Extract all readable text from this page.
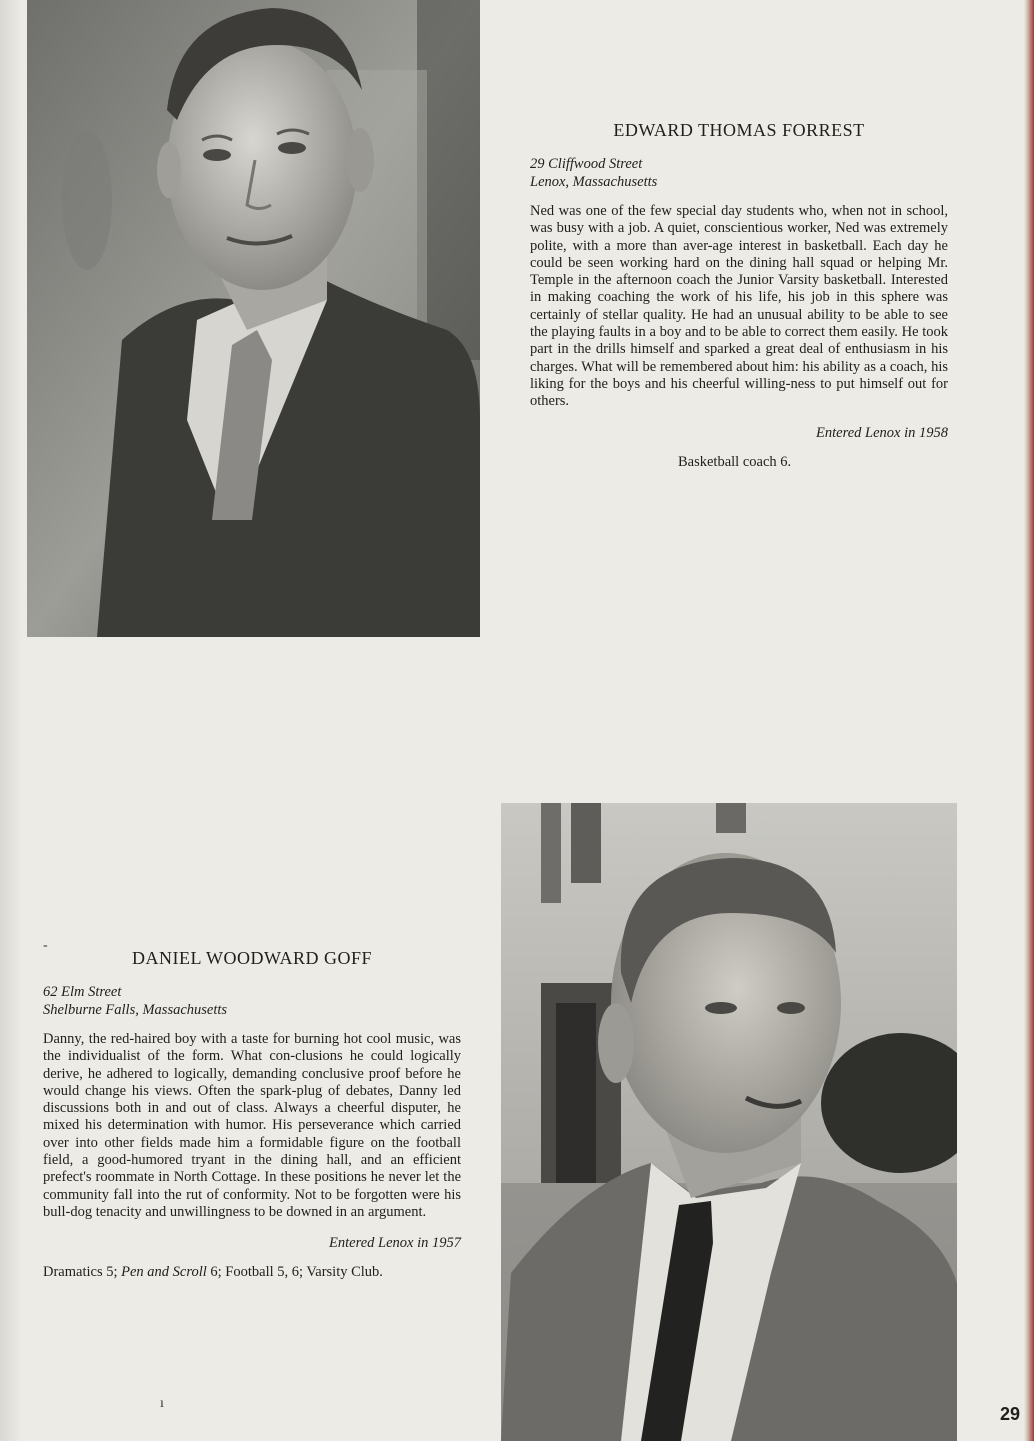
EDWARD THOMAS FORREST

29 Cliffwood Street
Lenox, Massachusetts

Ned was one of the few special day students who, when not in school, was busy with a job. A quiet, conscientious worker, Ned was extremely polite, with a more than aver-age interest in basketball. Each day he could be seen working hard on the dining hall squad or helping Mr. Temple in the afternoon coach the Junior Varsity basketball. Interested in making coaching the work of his life, his job in this sphere was certainly of stellar quality. He had an unusual ability to be able to see the playing faults in a boy and to be able to correct them easily. He took part in the drills himself and sparked a great deal of enthusiasm in his charges. What will be remembered about him: his ability as a coach, his liking for the boys and his cheerful willing-ness to put himself out for others.

Entered Lenox in 1958

Basketball coach 6.

DANIEL WOODWARD GOFF

62 Elm Street
Shelburne Falls, Massachusetts

Danny, the red-haired boy with a taste for burning hot cool music, was the individualist of the form. What con-clusions he could logically derive, he adhered to logically, demanding conclusive proof before he would change his views. Often the spark-plug of debates, Danny led discussions both in and out of class. Always a cheerful disputer, he mixed his determination with humor. His perseverance which carried over into other fields made him a formidable figure on the football field, a good-humored tryant in the dining hall, and an efficient prefect's roommate in North Cottage. In these positions he never let the community fall into the rut of conformity. Not to be forgotten were his bull-dog tenacity and unwillingness to be downed in an argument.

Entered Lenox in 1957

Dramatics 5; Pen and Scroll 6; Football 5, 6; Varsity Club.

-
ı
29
